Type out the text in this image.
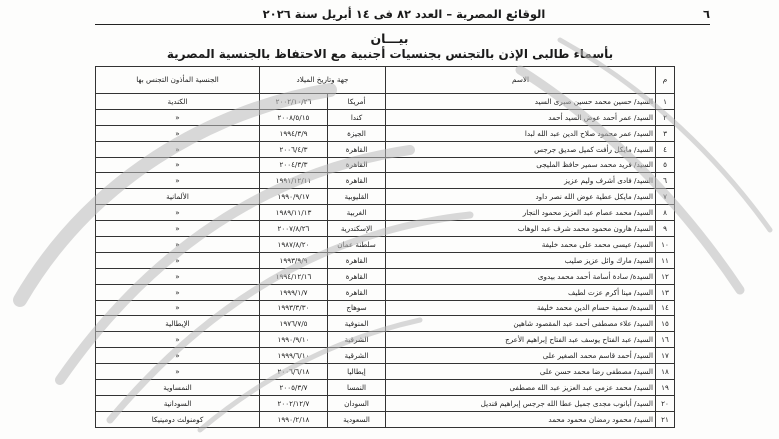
٦
الوقائع المصرية – العدد ٨٢ فى ١٤ أبريل سنة ٢٠٢٦
بيـــان
بأسماء طالبى الإذن بالتجنس بجنسيات أجنبية مع الاحتفاظ بالجنسية المصرية
م	الاسم	جهة وتاريخ الميلاد		الجنسية المأذون التجنس بها
١	السيد/ حسين محمد حسين صبرى السيد	أمريكا	٢٠٠٢/١٠/٢٦	الكندية
٢	السيد/ عمر أحمد عوض السيد أحمد	كندا	٢٠٠٨/٥/١٥	«
٣	السيد/ عمر محمود صلاح الدين عبد الله لبدا	الجيزة	١٩٩٤/٣/٩	«
٤	السيد/ مايكل رأفت كميل صديق جرجس	القاهرة	٢٠٠٦/٤/٣	«
٥	السيد/ فريد محمد سمير حافظ المليجى	القاهرة	٢٠٠٤/٣/٣	«
٦	السيد/ فادى أشرف وليم عزيز	القاهرة	١٩٩١/١٢/١١	«
٧	السيد/ مايكل عطية عوض الله نصر داود	القليوبية	١٩٩٠/٩/١٧	الألمانية
٨	السيد/ محمد عصام عبد العزيز محمود النجار	الغربية	١٩٨٩/١١/١٣	«
٩	السيد/ هارون محمود محمد شرف عبد الوهاب	الإسكندرية	٢٠٠٧/٨/٢٦	«
١٠	السيد/ عيسى محمد على محمد خليفة	سلطنة عمان	١٩٨٧/٨/٢٠	«
١١	السيد/ مارك وائل عزيز صليب	القاهرة	١٩٩٣/٩/٩	«
١٢	السيدة/ سادة أسامة أحمد محمد بيدوى	القاهرة	١٩٩٤/١٢/١٦	«
١٣	السيد/ مينا أكرم عزت لطيف	القاهرة	١٩٩٩/١/٧	«
١٤	السيدة/ سمية حسام الدين محمد خليفة	سوهاج	١٩٩٣/٣/٣٠	«
١٥	السيد/ علاء مصطفى أحمد عبد المقصود شاهين	المنوفية	١٩٧٦/٧/٥	الإيطالية
١٦	السيد/ عبد الفتاح يوسف عبد الفتاح إبراهيم الأعرج	الشرقية	١٩٩٠/٩/١٠	«
١٧	السيد/ أحمد قاسم محمد الصغير على	الشرقية	١٩٩٩/٦/١٠	«
١٨	السيد/ مصطفى رضا محمد حسن على	إيطاليا	٢٠٠٦/٦/١٨	«
١٩	السيد/ محمد عزمى عبد العزيز عبد الله مصطفى	النمسا	٢٠٠٥/٣/٧	النمساوية
٢٠	السيد/ أبانوب مجدى جميل عطا الله جرجس إبراهيم قنديل	السودان	٢٠٠٢/١٢/٧	السودانية
٢١	السيد/ محمود رمضان محمود محمد	السعودية	١٩٩٠/٢/١٨	كومنولث دومينيكا
